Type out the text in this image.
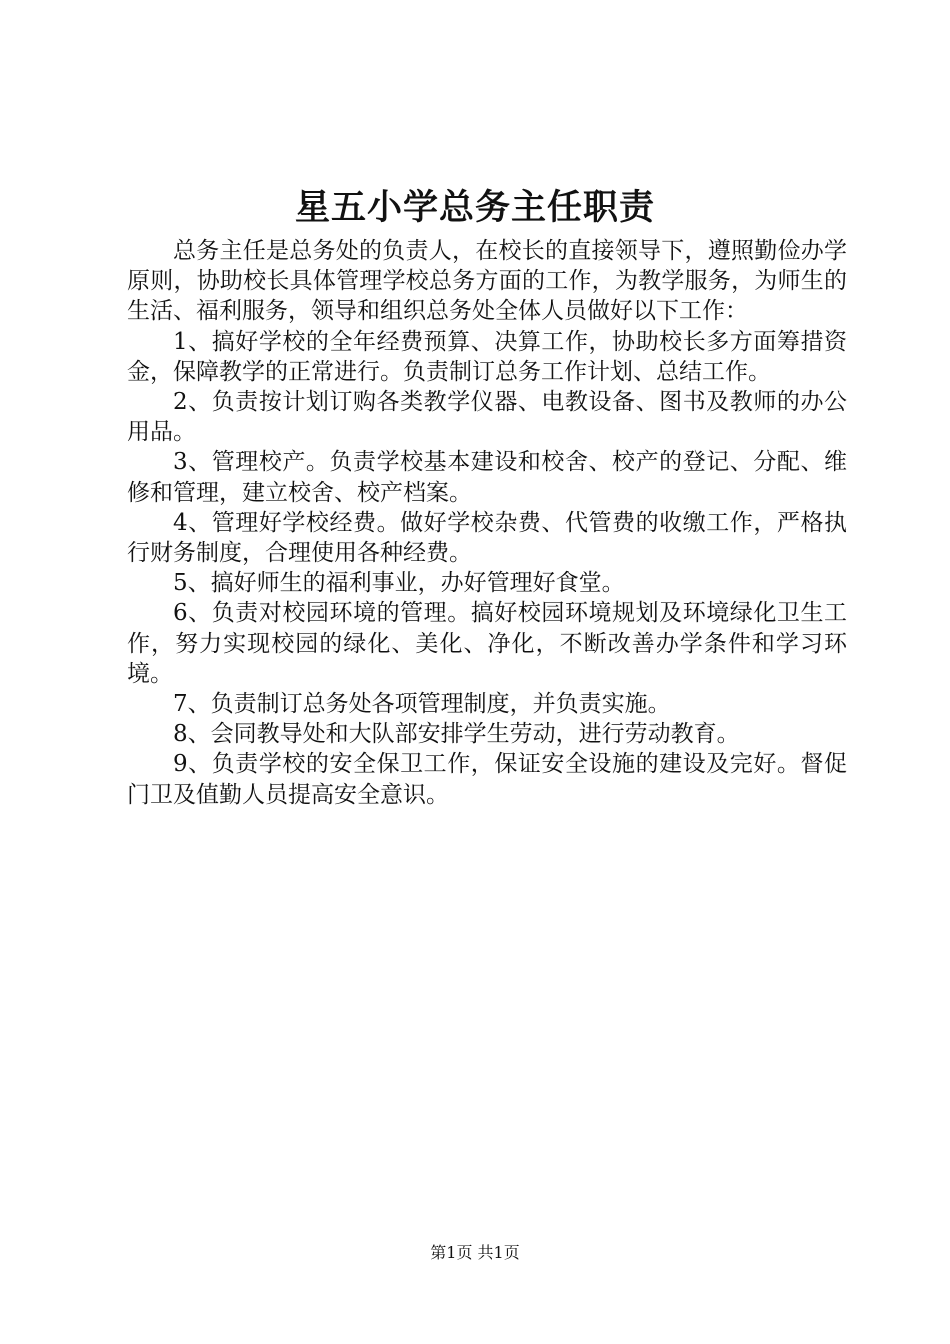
星五小学总务主任职责

总务主任是总务处的负责人，在校长的直接领导下，遵照勤俭办学原则，协助校长具体管理学校总务方面的工作，为教学服务，为师生的生活、福利服务，领导和组织总务处全体人员做好以下工作：

1、搞好学校的全年经费预算、决算工作，协助校长多方面筹措资金，保障教学的正常进行。负责制订总务工作计划、总结工作。

2、负责按计划订购各类教学仪器、电教设备、图书及教师的办公用品。

3、管理校产。负责学校基本建设和校舍、校产的登记、分配、维修和管理，建立校舍、校产档案。

4、管理好学校经费。做好学校杂费、代管费的收缴工作，严格执行财务制度，合理使用各种经费。

5、搞好师生的福利事业，办好管理好食堂。

6、负责对校园环境的管理。搞好校园环境规划及环境绿化卫生工作，努力实现校园的绿化、美化、净化，不断改善办学条件和学习环境。

7、负责制订总务处各项管理制度，并负责实施。

8、会同教导处和大队部安排学生劳动，进行劳动教育。

9、负责学校的安全保卫工作，保证安全设施的建设及完好。督促门卫及值勤人员提高安全意识。

第1页 共1页
